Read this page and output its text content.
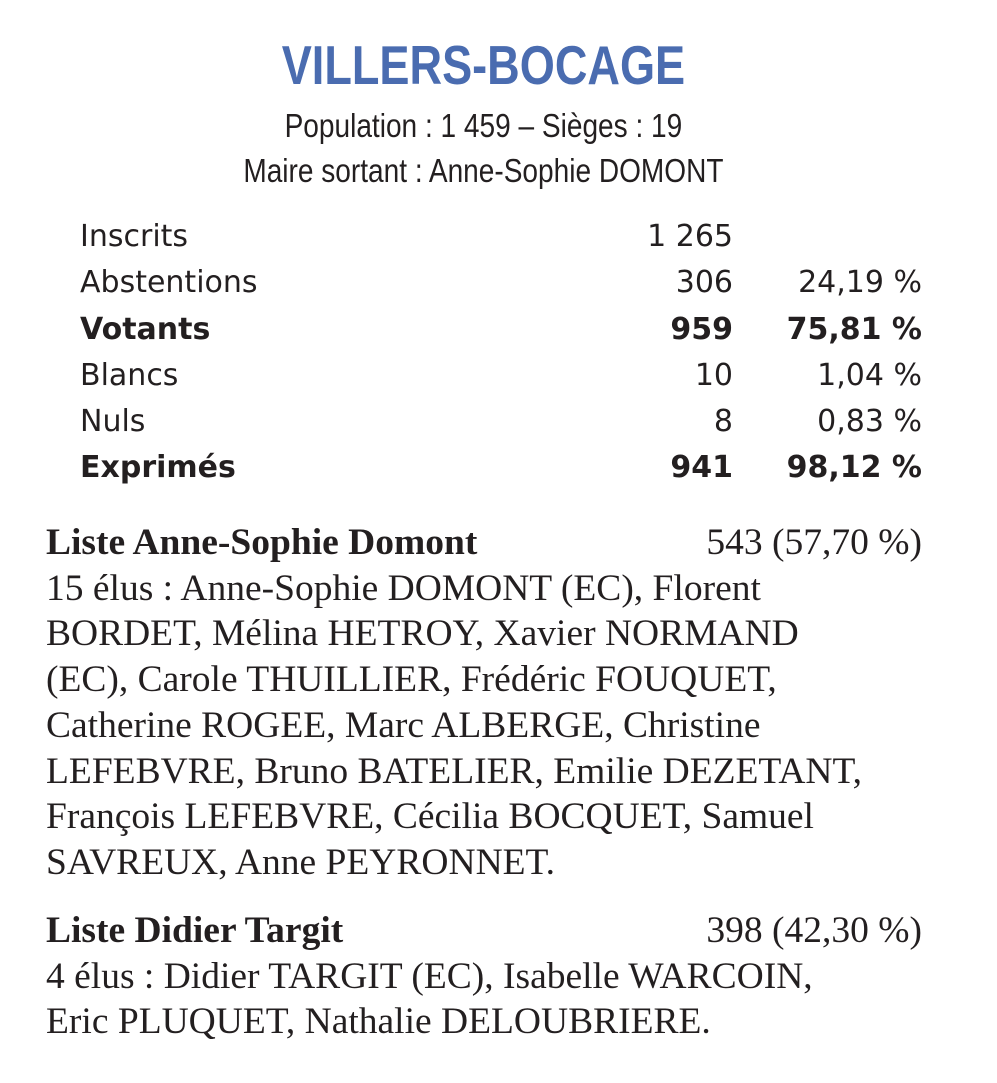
VILLERS-BOCAGE
Population : 1 459 – Sièges : 19
Maire sortant : Anne-Sophie DOMONT
Inscrits	1 265
Abstentions	306 24,19 %
Votants	959 75,81 %
Blancs	10	1,04 %
Nuls	8	0,83 %
Exprimés	941 98,12 %
Liste Anne-Sophie Domont	543 (57,70 %)
15 élus : Anne-Sophie DOMONT (EC), Florent
BORDET, Mélina HETROY, Xavier NORMAND
(EC), Carole THUILLIER, Frédéric FOUQUET,
Catherine ROGEE, Marc ALBERGE, Christine
LEFEBVRE, Bruno BATELIER, Emilie DEZETANT,
François LEFEBVRE, Cécilia BOCQUET, Samuel
SAVREUX, Anne PEYRONNET.
Liste Didier Targit	398 (42,30 %)
4 élus : Didier TARGIT (EC), Isabelle WARCOIN,
Eric PLUQUET, Nathalie DELOUBRIERE.
